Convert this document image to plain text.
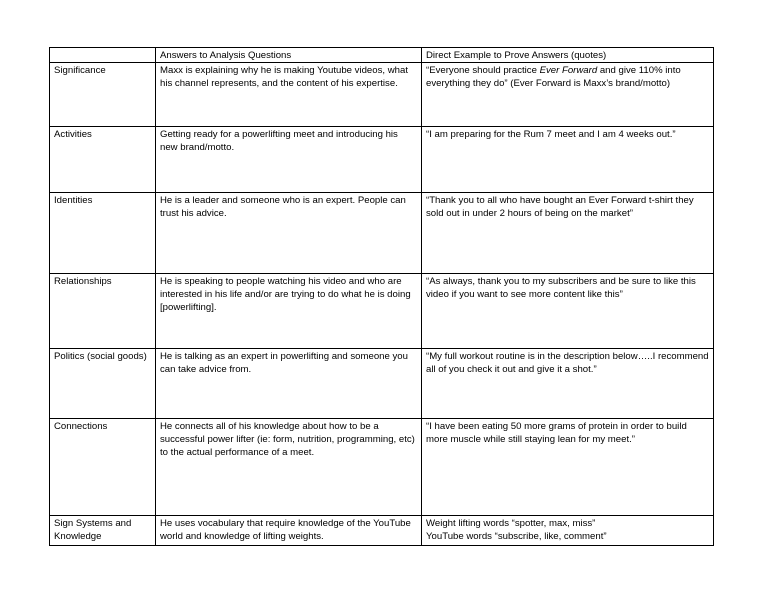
	Answers to Analysis Questions	Direct Example to Prove Answers (quotes)
Significance	Maxx is explaining why he is making Youtube videos, what his channel represents, and the content of his expertise.	“Everyone should practice Ever Forward and give 110% into everything they do” (Ever Forward is Maxx’s brand/motto)
Activities	Getting ready for a powerlifting meet and introducing his new brand/motto.	“I am preparing for the Rum 7 meet and I am 4 weeks out.”
Identities	He is a leader and someone who is an expert. People can trust his advice.	“Thank you to all who have bought an Ever Forward t-shirt they sold out in under 2 hours of being on the market”
Relationships	He is speaking to people watching his video and who are interested in his life and/or are trying to do what he is doing [powerlifting].	“As always, thank you to my subscribers and be sure to like this video if you want to see more content like this”
Politics (social goods)	He is talking as an expert in powerlifting and someone you can take advice from.	“My full workout routine is in the description below…..I recommend all of you check it out and give it a shot.”
Connections	He connects all of his knowledge about how to be a successful power lifter (ie: form, nutrition, programming, etc) to the actual performance of a meet.	“I have been eating 50 more grams of protein in order to build more muscle while still staying lean for my meet.”
Sign Systems and Knowledge	He uses vocabulary that require knowledge of the YouTube world and knowledge of lifting weights.	Weight lifting words “spotter, max, miss”
YouTube words “subscribe, like, comment”
